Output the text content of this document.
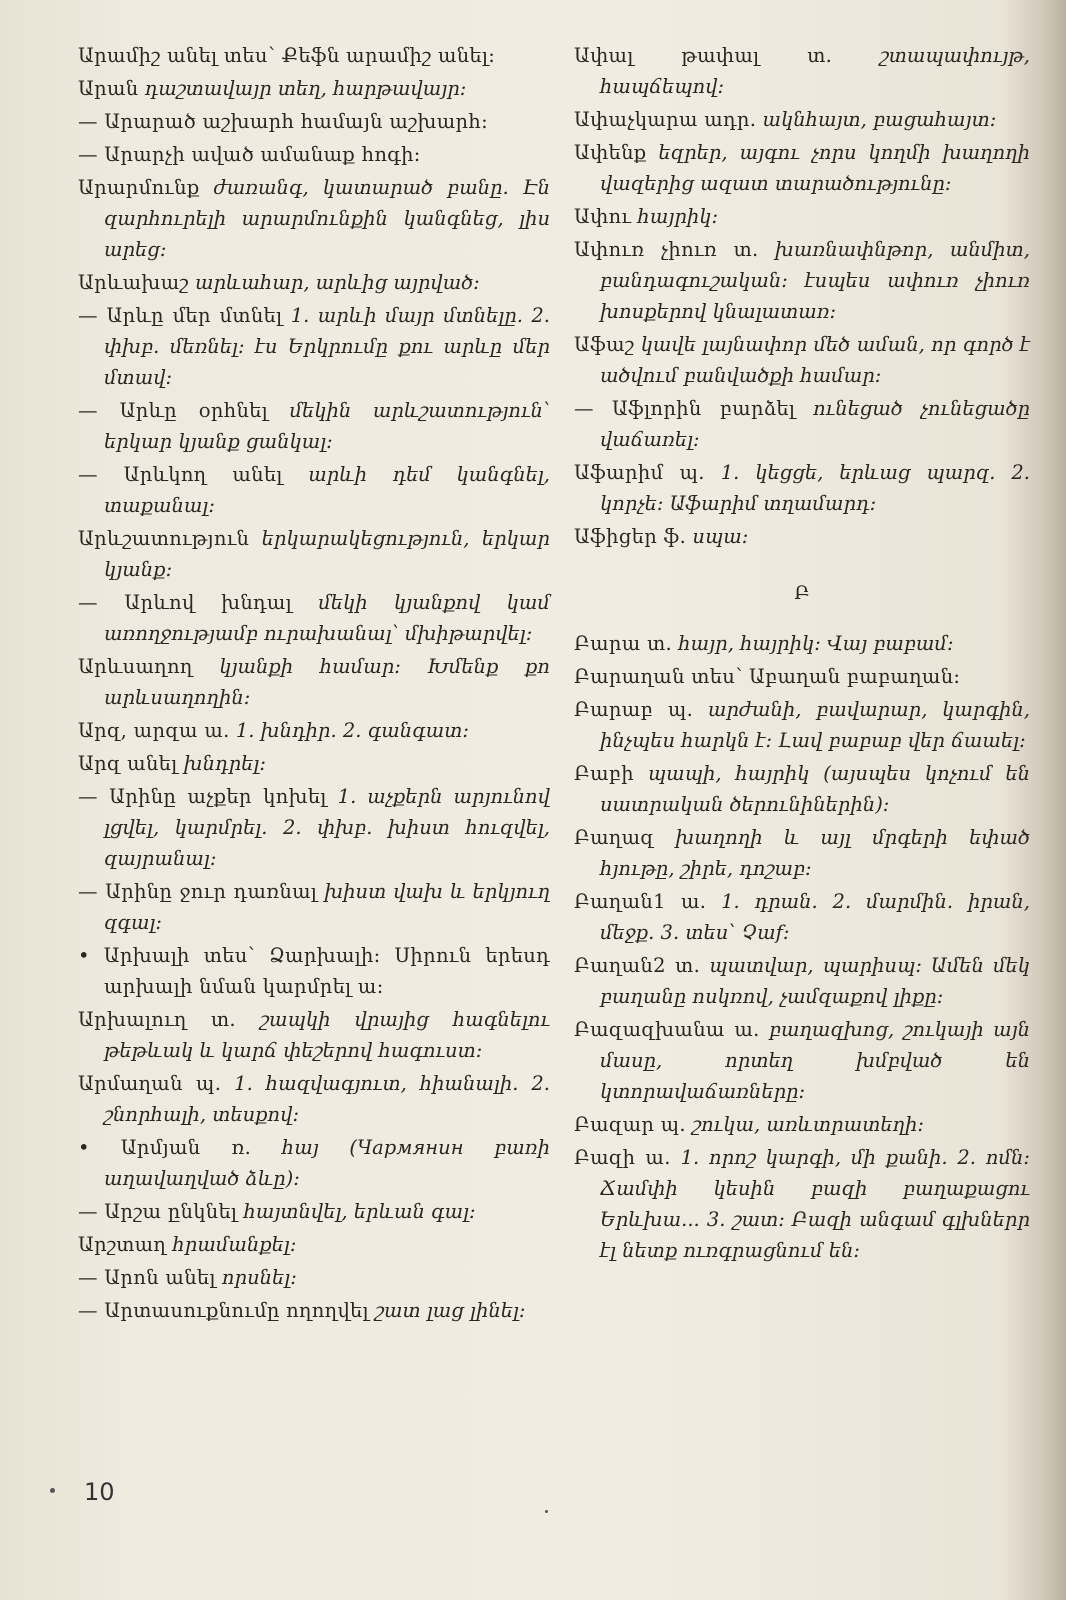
Արամիշ անել տես՝ Քեֆն արամիշ անել:

Արան դաշտավայր տեղ, հարթավայր:

— Արարած աշխարհ համայն աշխարհ:

— Արարչի աված ամանաք հոգի:

Արարմունք ժառանգ, կատարած բանը. Էն զարհուրելի արարմունքին կանգնեց, լիս արեց:

Արևախաշ արևահար, արևից այրված:

— Արևը մեր մտնել 1. արևի մայր մտնելը. 2. փխբ. մեռնել: էս Երկրումը քու արևը մեր մտավ:

— Արևը օրհնել մեկին արևշատություն՝ երկար կյանք ցանկալ:

— Արևկող անել արևի դեմ կանգնել, տաքանալ:

Արևշատություն երկարակեցություն, երկար կյանք:

— Արևով խնդալ մեկի կյանքով կամ առողջությամբ ուրախանալ՝ մխիթարվել:

Արևսաղող կյանքի համար: Խմենք քո արևսաղողին:

Արզ, արզա ա. 1. խնդիր. 2. գանգատ:

Արզ անել խնդրել:

— Արինը աչքեր կոխել 1. աչքերն արյունով լցվել, կարմրել. 2. փխբ. խիստ հուզվել, զայրանալ:

— Արինը ջուր դառնալ խիստ վախ և երկյուղ զգալ:

• Արխալի տես՝ Ձարխալի: Սիրուն երեսդ արխալի նման կարմրել ա:

Արխալուղ տ. շապկի վրայից հագնելու թեթևակ և կարճ փեշերով հագուստ:

Արմաղան պ. 1. հազվագյուտ, հիանալի. 2. շնորհալի, տեսքով:

• Արմյան ռ. հայ (Чармянин բառի աղավաղված ձևը):

— Արշա ընկնել հայտնվել, երևան գալ:

Արշտաղ հրամանքել:

— Արոն անել որսնել:

— Արտասուքնումը ողողվել շատ լաց լինել:

Ափալ թափալ տ. շտապափույթ, հապճեպով:

Ափաչկարա ադր. ակնհայտ, բացահայտ:

Ափենք եզրեր, այգու չորս կողմի խաղողի վազերից ազատ տարածությունը:

Ափու հայրիկ:

Ափուռ չիուռ տ. խառնափնթոր, անմիտ, բանդագուշական: էսպես ափուռ չիուռ խոսքերով կնալատառ:

Աֆաշ կավե լայնափոր մեծ աման, որ գործ է ածվում բանվածքի համար:

— Աֆլորին բարձել ունեցած չունեցածը վաճառել:

Աֆարիմ պ. 1. կեցցե, երևաց պարզ. 2. կորչե: Աֆարիմ տղամարդ:

Աֆիցեր ֆ. սպա:

Բ

Բարա տ. հայր, հայրիկ: Վայ բաբամ:

Բարաղան տես՝ Աբաղան բաբաղան:

Բարաբ պ. արժանի, բավարար, կարգին, ինչպես հարկն է: Լավ բաբաբ վեր ճաաել:

Բաբի պապի, հայրիկ (այսպես կոչում են սատրական ծերունիներին):

Բաղազ խաղողի և այլ մրգերի եփած հյութը, շիրե, դոշաբ:

Բաղան1 ա. 1. դրան. 2. մարմին. իրան, մեջք. 3. տես՝ Չաf:

Բաղան2 տ. պատվար, պարիսպ: Ամեն մեկ բաղանը ոսկռով, չամզաքով լիքը:

Բազազխանա ա. բաղազխոց, շուկայի այն մասը, որտեղ խմբված են կտորավաճառները:

Բազար պ. շուկա, առևտրատեղի:

Բազի ա. 1. որոշ կարգի, մի քանի. 2. ոմն: Ճամփի կեսին բազի բաղաքացու Երևխա... 3. շատ: Բազի անգամ գլխներր էլ նետք ուռգրացնում են:

10
